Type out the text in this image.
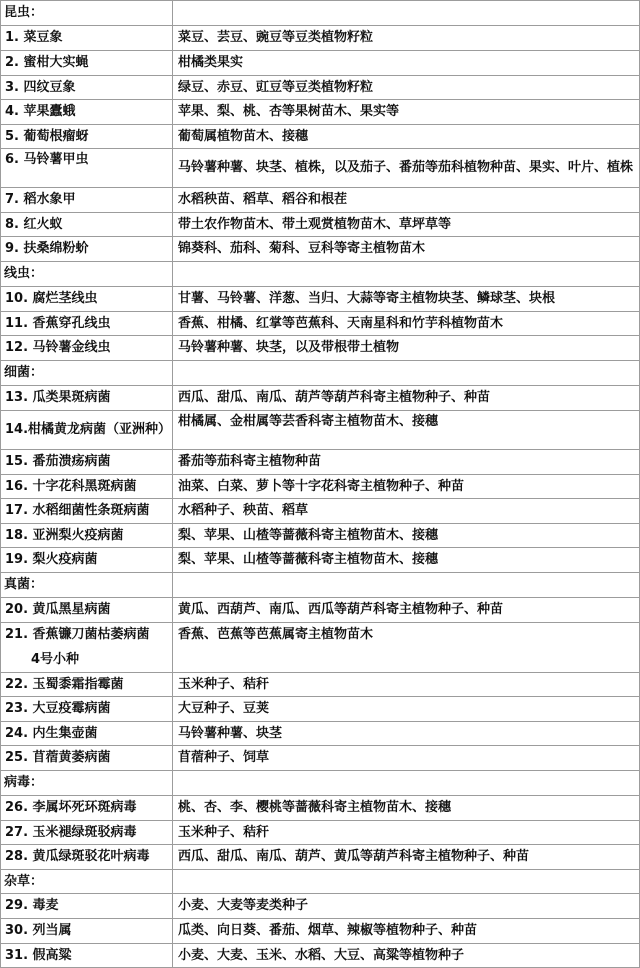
昆虫：	
1. 菜豆象	菜豆、芸豆、豌豆等豆类植物籽粒
2. 蜜柑大实蝇	柑橘类果实
3. 四纹豆象	绿豆、赤豆、豇豆等豆类植物籽粒
4. 苹果蠹蛾	苹果、梨、桃、杏等果树苗木、果实等
5. 葡萄根瘤蚜	葡萄属植物苗木、接穗
6. 马铃薯甲虫	马铃薯种薯、块茎、植株，以及茄子、番茄等茄科植物种苗、果实、叶片、植株
7. 稻水象甲	水稻秧苗、稻草、稻谷和根茬
8. 红火蚁	带土农作物苗木、带土观赏植物苗木、草坪草等
9. 扶桑绵粉蚧	锦葵科、茄科、菊科、豆科等寄主植物苗木
线虫：	
10. 腐烂茎线虫	甘薯、马铃薯、洋葱、当归、大蒜等寄主植物块茎、鳞球茎、块根
11. 香蕉穿孔线虫	香蕉、柑橘、红掌等芭蕉科、天南星科和竹芋科植物苗木
12. 马铃薯金线虫	马铃薯种薯、块茎，以及带根带土植物
细菌：	
13. 瓜类果斑病菌	西瓜、甜瓜、南瓜、葫芦等葫芦科寄主植物种子、种苗
14.柑橘黄龙病菌（亚洲种）	柑橘属、金柑属等芸香科寄主植物苗木、接穗
15. 番茄溃疡病菌	番茄等茄科寄主植物种苗
16. 十字花科黑斑病菌	油菜、白菜、萝卜等十字花科寄主植物种子、种苗
17. 水稻细菌性条斑病菌	水稻种子、秧苗、稻草
18. 亚洲梨火疫病菌	梨、苹果、山楂等蔷薇科寄主植物苗木、接穗
19. 梨火疫病菌	梨、苹果、山楂等蔷薇科寄主植物苗木、接穗
真菌：	
20. 黄瓜黑星病菌	黄瓜、西葫芦、南瓜、西瓜等葫芦科寄主植物种子、种苗

21. 香蕉镰刀菌枯萎病菌
4号小种	香蕉、芭蕉等芭蕉属寄主植物苗木
22. 玉蜀黍霜指霉菌	玉米种子、秸秆
23. 大豆疫霉病菌	大豆种子、豆荚
24. 内生集壶菌	马铃薯种薯、块茎
25. 苜蓿黄萎病菌	苜蓿种子、饲草
病毒：	
26. 李属坏死环斑病毒	桃、杏、李、樱桃等蔷薇科寄主植物苗木、接穗
27. 玉米褪绿斑驳病毒	玉米种子、秸秆
28. 黄瓜绿斑驳花叶病毒	西瓜、甜瓜、南瓜、葫芦、黄瓜等葫芦科寄主植物种子、种苗
杂草：	
29. 毒麦	小麦、大麦等麦类种子
30. 列当属	瓜类、向日葵、番茄、烟草、辣椒等植物种子、种苗
31. 假高粱	小麦、大麦、玉米、水稻、大豆、高粱等植物种子
